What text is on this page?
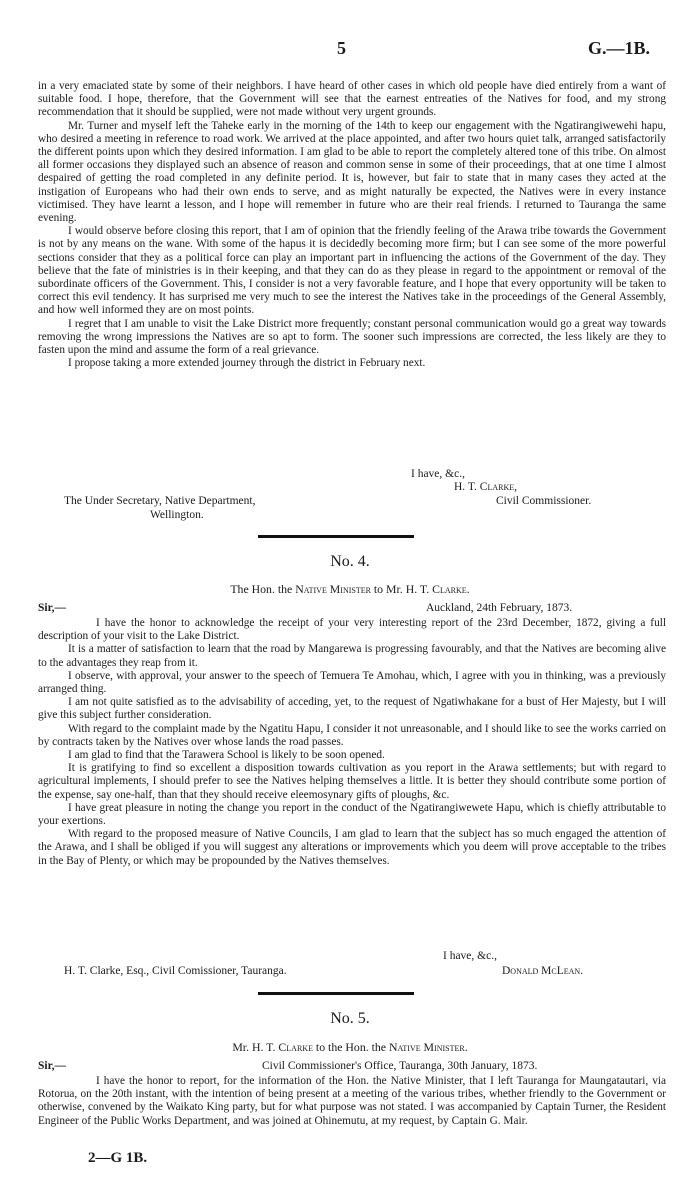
5	G.—1B.

in a very emaciated state by some of their neighbors. I have heard of other cases in which old people have died entirely from a want of suitable food. I hope, therefore, that the Government will see that the earnest entreaties of the Natives for food, and my strong recommendation that it should be supplied, were not made without very urgent grounds.

Mr. Turner and myself left the Taheke early in the morning of the 14th to keep our engagement with the Ngatirangiwewehi hapu, who desired a meeting in reference to road work. We arrived at the place appointed, and after two hours quiet talk, arranged satisfactorily the different points upon which they desired information. I am glad to be able to report the completely altered tone of this tribe. On almost all former occasions they displayed such an absence of reason and common sense in some of their proceedings, that at one time I almost despaired of getting the road completed in any definite period. It is, however, but fair to state that in many cases they acted at the instigation of Europeans who had their own ends to serve, and as might naturally be expected, the Natives were in every instance victimised. They have learnt a lesson, and I hope will remember in future who are their real friends. I returned to Tauranga the same evening.

I would observe before closing this report, that I am of opinion that the friendly feeling of the Arawa tribe towards the Government is not by any means on the wane. With some of the hapus it is decidedly becoming more firm; but I can see some of the more powerful sections consider that they as a political force can play an important part in influencing the actions of the Government of the day. They believe that the fate of ministries is in their keeping, and that they can do as they please in regard to the appointment or removal of the subordinate officers of the Government. This, I consider is not a very favorable feature, and I hope that every opportunity will be taken to correct this evil tendency. It has surprised me very much to see the interest the Natives take in the proceedings of the General Assembly, and how well informed they are on most points.

I regret that I am unable to visit the Lake District more frequently; constant personal communication would go a great way towards removing the wrong impressions the Natives are so apt to form. The sooner such impressions are corrected, the less likely are they to fasten upon the mind and assume the form of a real grievance.

I propose taking a more extended journey through the district in February next.

I have, &c.,
H. T. Clarke,
The Under Secretary, Native Department,	Civil Commissioner.
Wellington.
No. 4.
The Hon. the Native Minister to Mr. H. T. Clarke.
Sir,—	Auckland, 24th February, 1873.

I have the honor to acknowledge the receipt of your very interesting report of the 23rd December, 1872, giving a full description of your visit to the Lake District.

It is a matter of satisfaction to learn that the road by Mangarewa is progressing favourably, and that the Natives are becoming alive to the advantages they reap from it.

I observe, with approval, your answer to the speech of Temuera Te Amohau, which, I agree with you in thinking, was a previously arranged thing.

I am not quite satisfied as to the advisability of acceding, yet, to the request of Ngatiwhakane for a bust of Her Majesty, but I will give this subject further consideration.

With regard to the complaint made by the Ngatitu Hapu, I consider it not unreasonable, and I should like to see the works carried on by contracts taken by the Natives over whose lands the road passes.

I am glad to find that the Tarawera School is likely to be soon opened.

It is gratifying to find so excellent a disposition towards cultivation as you report in the Arawa settlements; but with regard to agricultural implements, I should prefer to see the Natives helping themselves a little. It is better they should contribute some portion of the expense, say one-half, than that they should receive eleemosynary gifts of ploughs, &c.

I have great pleasure in noting the change you report in the conduct of the Ngatirangiwewete Hapu, which is chiefly attributable to your exertions.

With regard to the proposed measure of Native Councils, I am glad to learn that the subject has so much engaged the attention of the Arawa, and I shall be obliged if you will suggest any alterations or improvements which you deem will prove acceptable to the tribes in the Bay of Plenty, or which may be propounded by the Natives themselves.

I have, &c.,
H. T. Clarke, Esq., Civil Comissioner, Tauranga.	Donald McLean.
No. 5.
Mr. H. T. Clarke to the Hon. the Native Minister.
Sir,—	Civil Commissioner's Office, Tauranga, 30th January, 1873.

I have the honor to report, for the information of the Hon. the Native Minister, that I left Tauranga for Maungatautari, via Rotorua, on the 20th instant, with the intention of being present at a meeting of the various tribes, whether friendly to the Government or otherwise, convened by the Waikato King party, but for what purpose was not stated. I was accompanied by Captain Turner, the Resident Engineer of the Public Works Department, and was joined at Ohinemutu, at my request, by Captain G. Mair.

2—G 1B.
